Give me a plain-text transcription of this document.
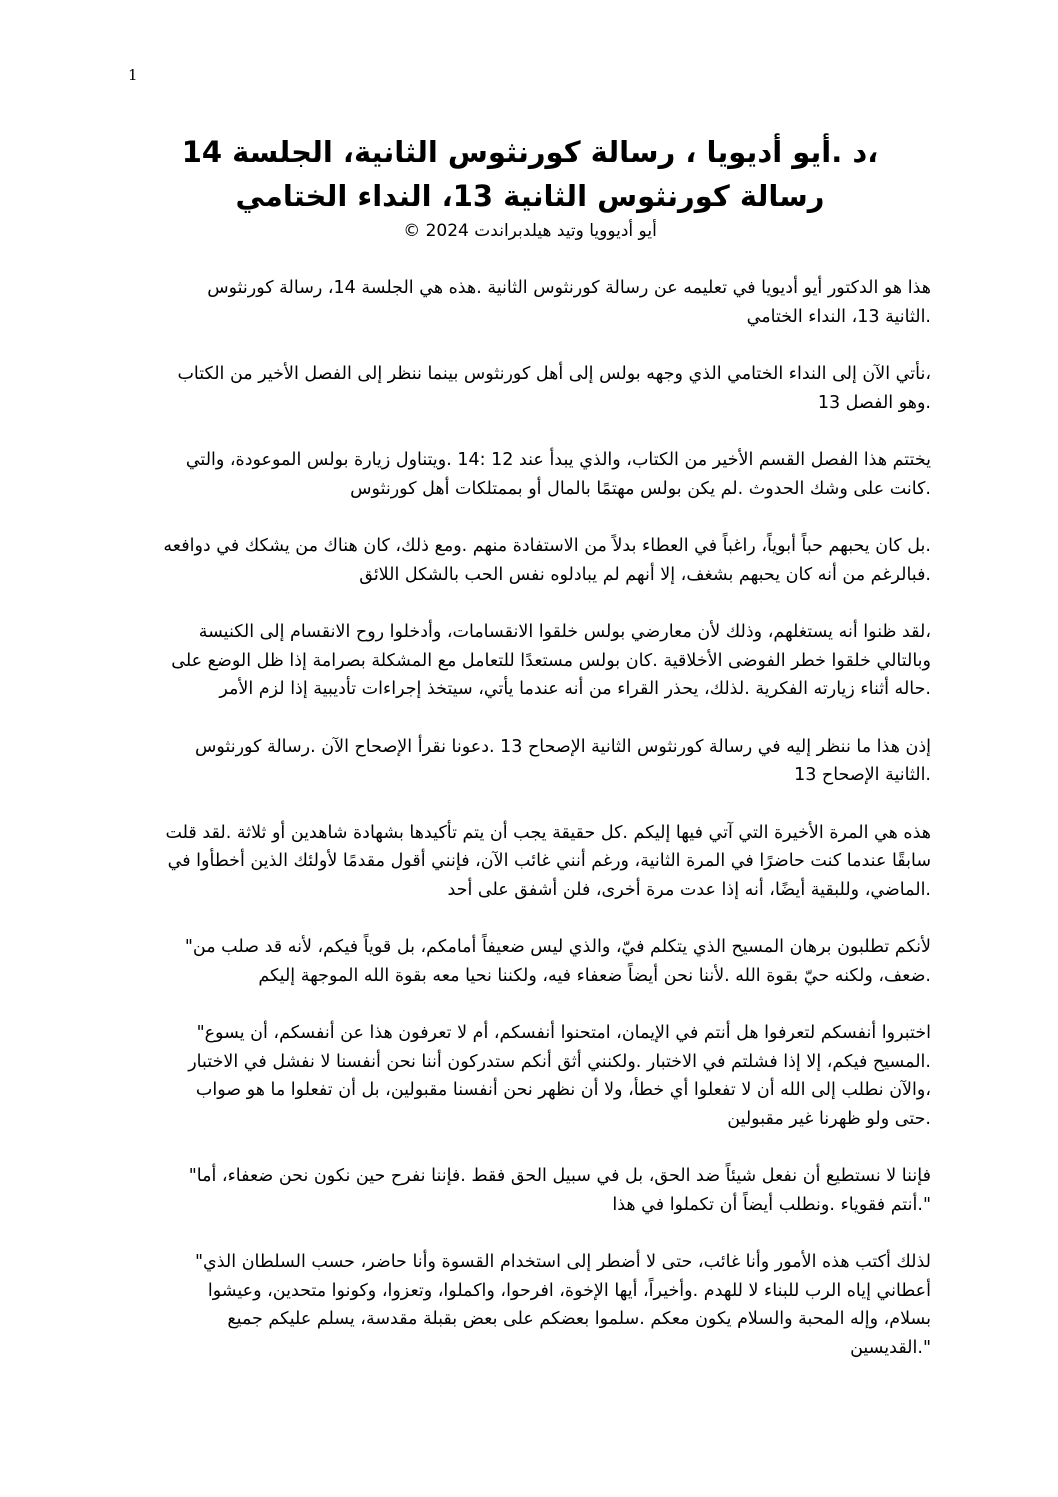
1
،د .أيو أديويا ، رسالة كورنثوس الثانية، الجلسة 14
رسالة كورنثوس الثانية 13، النداء الختامي
أيو أديووﻳﺎ وتيد هيلدبراندت 2024 ©
هذا هو الدكتور أيو أديويا في تعليمه عن رسالة كورنثوس الثانية .هذه هي الجلسة 14، رسالة كورنثوس
.الثانية 13، النداء الختامي
،نأتي الآن إلى النداء الختامي الذي وجهه بولس إلى أهل كورنثوس بينما ننظر إلى الفصل الأخير من الكتاب
.وهو الفصل 13
يختتم هذا الفصل القسم الأخير من الكتاب، والذي يبدأ عند 12 :14 .ويتناول زيارة بولس الموعودة، والتي
.كانت على وشك الحدوث .لم يكن بولس مهتمًا بالمال أو بممتلكات أهل كورنثوس
.بل كان يحبهم حباً أبوياً، راغباً في العطاء بدلاً من الاستفادة منهم .ومع ذلك، كان هناك من يشكك في دوافعه
.فبالرغم من أنه كان يحبهم بشغف، إلا أنهم لم يبادلوه نفس الحب بالشكل اللائق
،لقد ظنوا أنه يستغلهم، وذلك لأن معارضي بولس خلقوا الانقسامات، وأدخلوا روح الانقسام إلى الكنيسة
وبالتالي خلقوا خطر الفوضى الأخلاقية .كان بولس مستعدًا للتعامل مع المشكلة بصرامة إذا ظل الوضع على
.حاله أثناء زيارته الفكرية .لذلك، يحذر القراء من أنه عندما يأتي، سيتخذ إجراءات تأديبية إذا لزم الأمر
إذن هذا ما ننظر إليه في رسالة كورنثوس الثانية الإصحاح 13 .دعونا نقرأ الإصحاح الآن .رسالة كورنثوس
.الثانية الإصحاح 13
هذه هي المرة الأخيرة التي آتي فيها إليكم .كل حقيقة يجب أن يتم تأكيدها بشهادة شاهدين أو ثلاثة .لقد قلت
سابقًا عندما كنت حاضرًا في المرة الثانية، ورغم أنني غائب الآن، فإنني أقول مقدمًا لأولئك الذين أخطأوا في
.الماضي، وللبقية أيضًا، أنه إذا عدت مرة أخرى، فلن أشفق على أحد
لأنكم تطلبون برهان المسيح الذي يتكلم فيّ، والذي ليس ضعيفاً أمامكم، بل قوياً فيكم، لأنه قد صلب من"
.ضعف، ولكنه حيّ بقوة الله .لأننا نحن أيضاً ضعفاء فيه، ولكننا نحيا معه بقوة الله الموجهة إليكم
اختبروا أنفسكم لتعرفوا هل أنتم في الإيمان، امتحنوا أنفسكم، أم لا تعرفون هذا عن أنفسكم، أن يسوع"
.المسيح فيكم، إلا إذا فشلتم في الاختبار .ولكنني أثق أنكم ستدركون أننا نحن أنفسنا لا نفشل في الاختبار
،والآن نطلب إلى الله أن لا تفعلوا أي خطأ، ولا أن نظهر نحن أنفسنا مقبولين، بل أن تفعلوا ما هو صواب
.حتى ولو ظهرنا غير مقبولين
فإننا لا نستطيع أن نفعل شيئاً ضد الحق، بل في سبيل الحق فقط .فإننا نفرح حين نكون نحن ضعفاء، أما"
".أنتم فقوياء .ونطلب أيضاً أن تكملوا في هذا
لذلك أكتب هذه الأمور وأنا غائب، حتى لا أضطر إلى استخدام القسوة وأنا حاضر، حسب السلطان الذي"
أعطاني إياه الرب للبناء لا للهدم .وأخيراً، أيها الإخوة، افرحوا، واكملوا، وتعزوا، وكونوا متحدين، وعيشوا
بسلام، وإله المحبة والسلام يكون معكم .سلموا بعضكم على بعض بقبلة مقدسة، يسلم عليكم جميع
".القديسين
